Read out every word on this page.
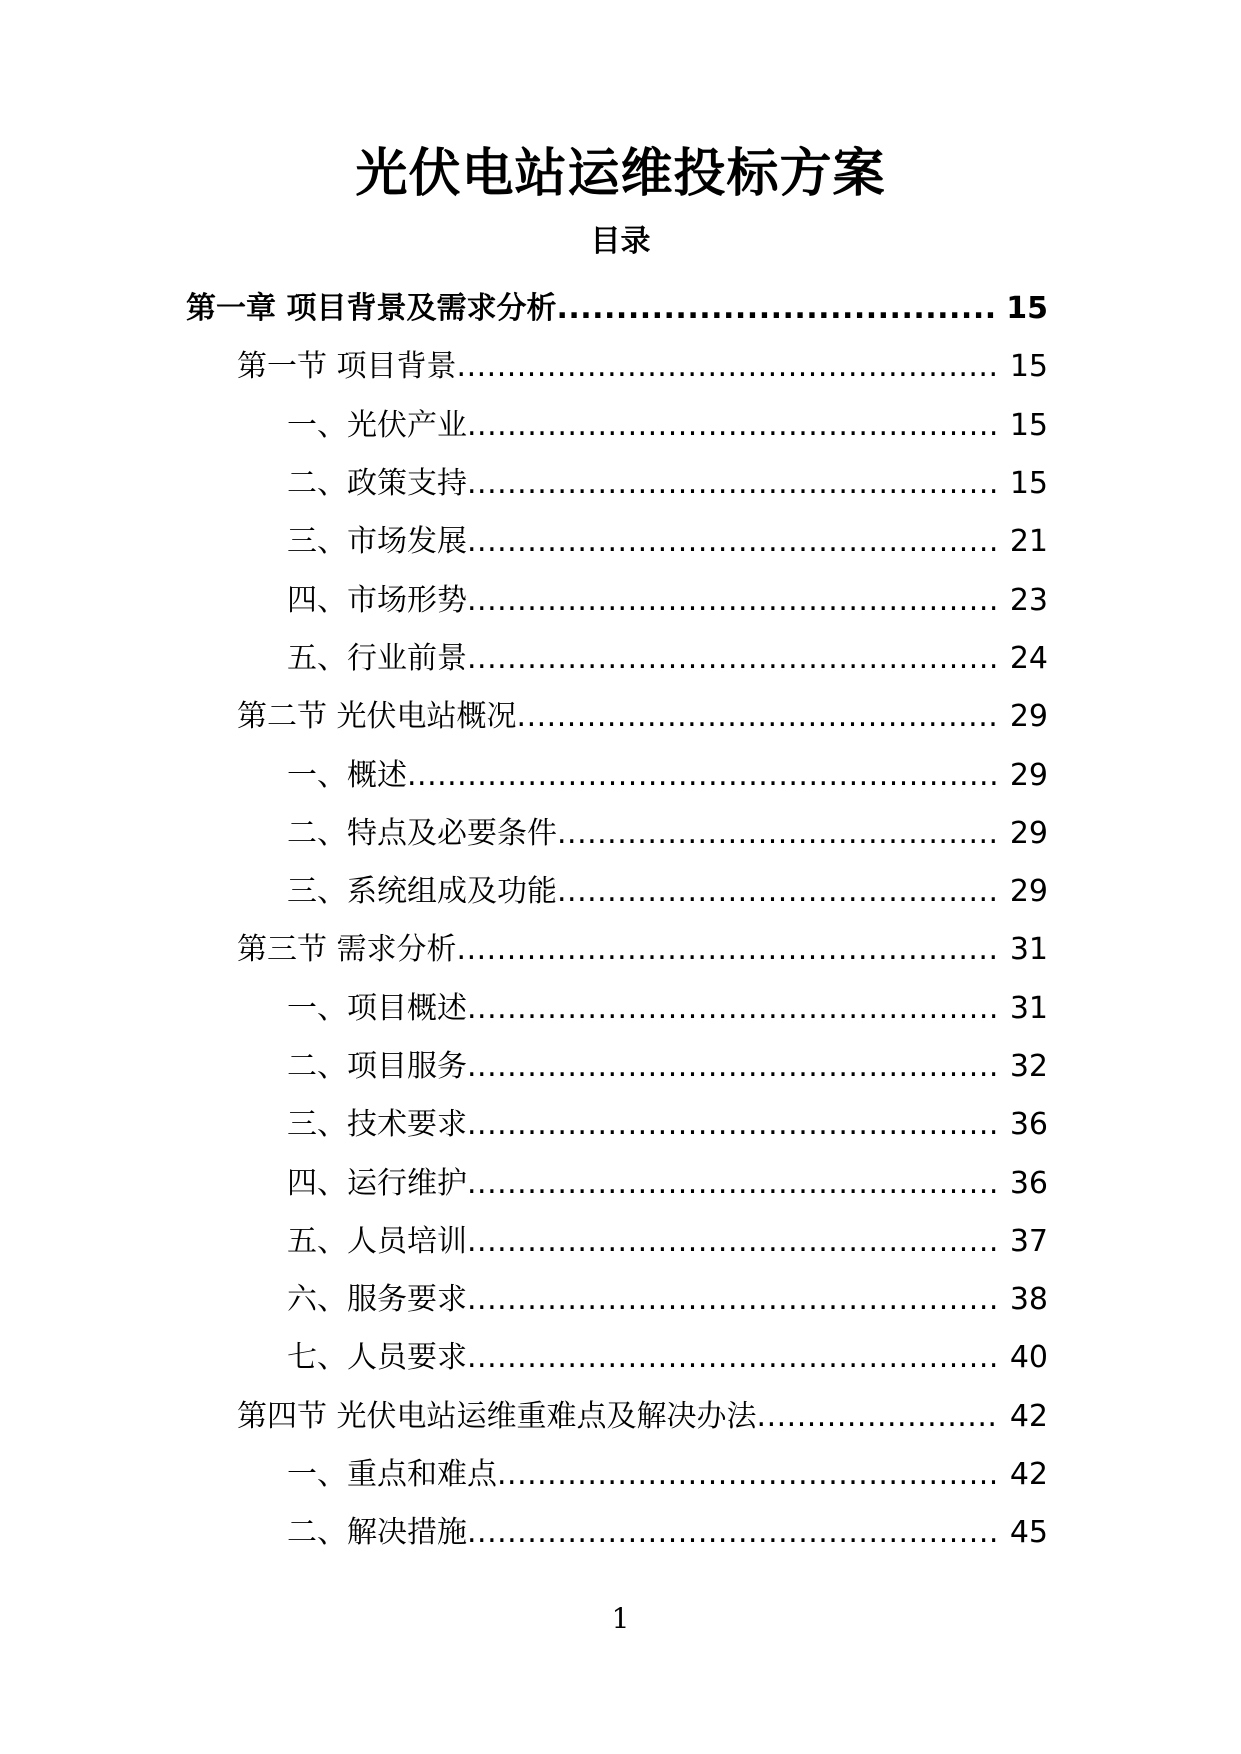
光伏电站运维投标方案
目录
第一章 项目背景及需求分析 .....	15
第一节 项目背景 .....	15
一、光伏产业 .....	15
二、政策支持 .....	15
三、市场发展 .....	21
四、市场形势 .....	23
五、行业前景 .....	24
第二节 光伏电站概况 .....	29
一、概述 .....	29
二、特点及必要条件 .....	29
三、系统组成及功能 .....	29
第三节 需求分析 .....	31
一、项目概述 .....	31
二、项目服务 .....	32
三、技术要求 .....	36
四、运行维护 .....	36
五、人员培训 .....	37
六、服务要求 .....	38
七、人员要求 .....	40
第四节 光伏电站运维重难点及解决办法 .....	42
一、重点和难点 .....	42
二、解决措施 .....	45
1
